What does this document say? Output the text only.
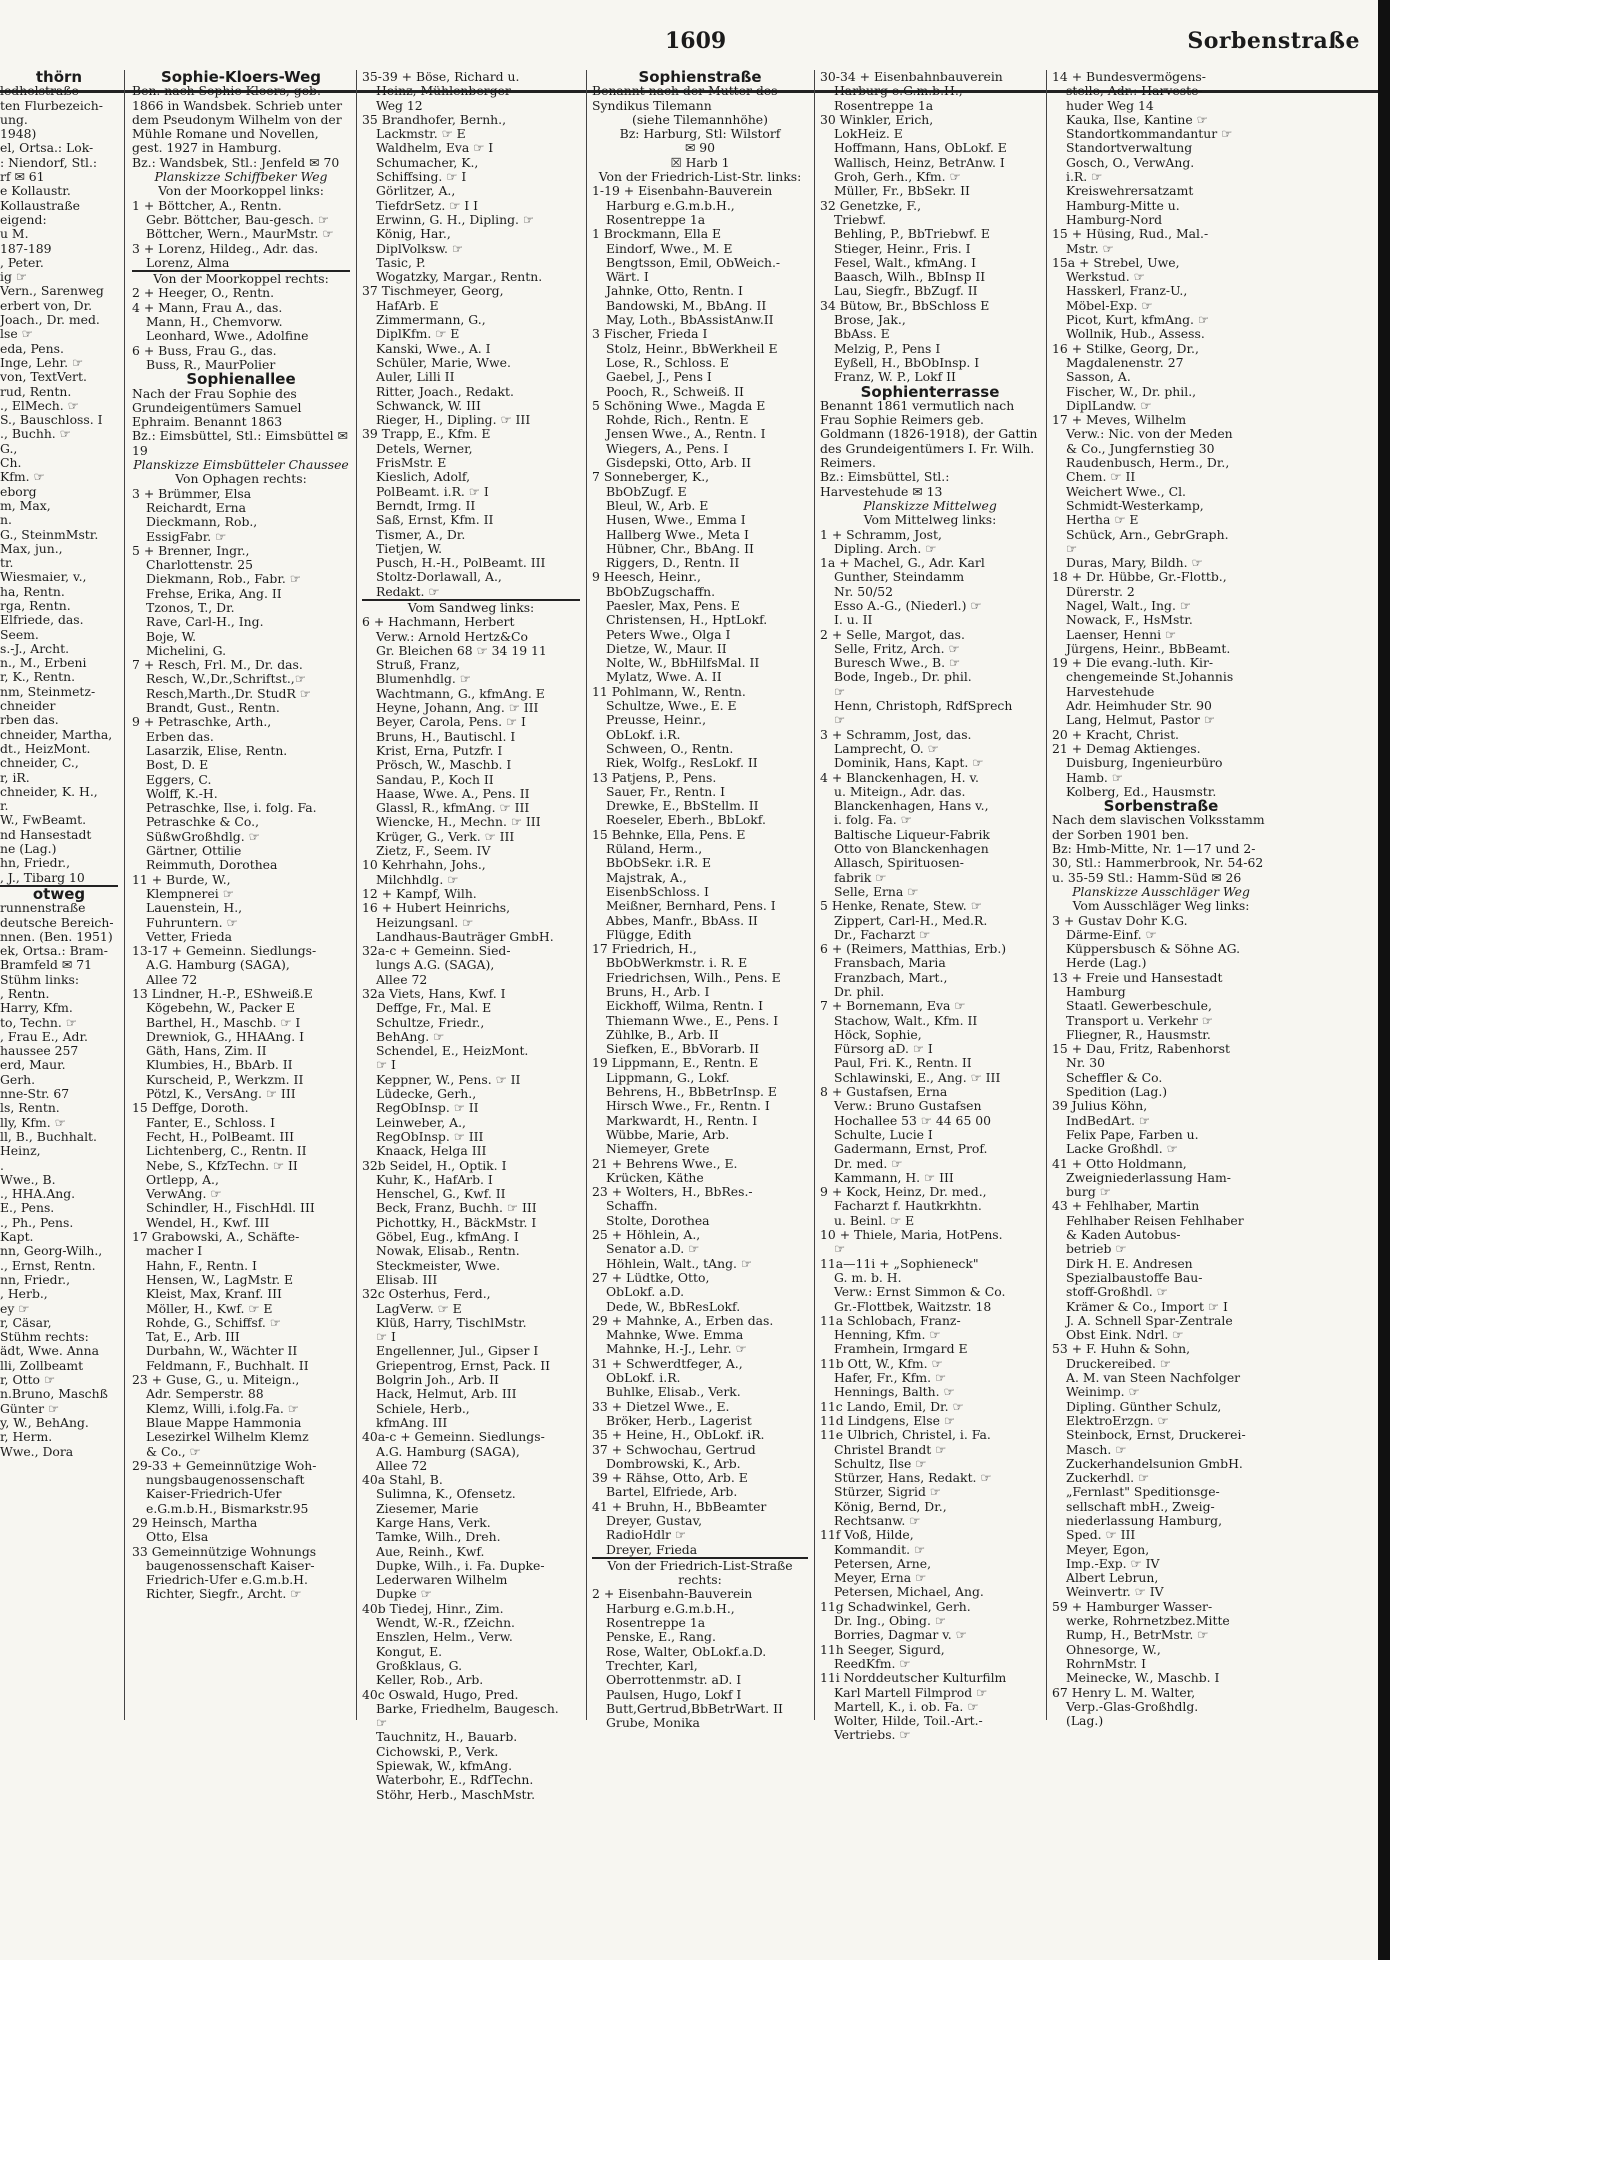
1609	Sorbenstraße

thörn

ledholstraße

ten Flurbezeich-

ung.

1948)

el, Ortsa.: Lok-

: Niendorf, Stl.:

rf ✉ 61

e Kollaustr.

Kollaustraße

eigend:

u M.

187-189

, Peter.

ig ☞

Vern., Sarenweg

erbert von, Dr.

Joach., Dr. med.

lse ☞

eda, Pens.

Inge, Lehr. ☞

von, TextVert.

rud, Rentn.

., ElMech. ☞

S., Bauschloss. I

., Buchh. ☞

G.,

Ch.

Kfm. ☞

eborg

m, Max,

n.

G., SteinmMstr.

Max, jun.,

tr.

Wiesmaier, v.,

ha, Rentn.

rga, Rentn.

Elfriede, das.

Seem.

s.-J., Archt.

n., M., Erbeni

r, K., Rentn.

nm, Steinmetz-

chneider

rben das.

chneider, Martha,

dt., HeizMont.

chneider, C.,

r, iR.

chneider, K. H.,

r.

W., FwBeamt.

nd Hansestadt

ne (Lag.)

hn, Friedr.,

, J., Tibarg 10

otweg

runnenstraße

deutsche Bereich-

nnen. (Ben. 1951)

ek, Ortsa.: Bram-

Bramfeld ✉ 71

Stühm links:

, Rentn.

Harry, Kfm.

to, Techn. ☞

, Frau E., Adr.

haussee 257

erd, Maur.

Gerh.

nne-Str. 67

ls, Rentn.

lly, Kfm. ☞

ll, B., Buchhalt.

Heinz,

.

Wwe., B.

., HHA.Ang.

E., Pens.

., Ph., Pens.

Kapt.

nn, Georg-Wilh.,

., Ernst, Rentn.

nn, Friedr.,

, Herb.,

ey ☞

r, Cäsar,

Stühm rechts:

ädt, Wwe. Anna

lli, Zollbeamt

r, Otto ☞

n.Bruno, Maschß

Günter ☞

y, W., BehAng.

r, Herm.

Wwe., Dora

Sophie-Kloers-Weg

Ben. nach Sophie Kloers, geb. 1866 in Wandsbek. Schrieb unter dem Pseudonym Wilhelm von der Mühle Romane und Novellen, gest. 1927 in Hamburg.

Bz.: Wandsbek, Stl.: Jenfeld ✉ 70

Planskizze Schiffbeker Weg

Von der Moorkoppel links:

1 + Böttcher, A., Rentn.

Gebr. Böttcher, Bau-gesch. ☞

Böttcher, Wern., MaurMstr. ☞

3 + Lorenz, Hildeg., Adr. das.

Lorenz, Alma

Von der Moorkoppel rechts:

2 + Heeger, O., Rentn.

4 + Mann, Frau A., das.

Mann, H., Chemvorw.

Leonhard, Wwe., Adolfine

6 + Buss, Frau G., das.

Buss, R., MaurPolier

Sophienallee

Nach der Frau Sophie des Grundeigentümers Samuel Ephraim. Benannt 1863

Bz.: Eimsbüttel, Stl.: Eimsbüttel ✉ 19

Planskizze Eimsbütteler Chaussee

Von Ophagen rechts:

3 + Brümmer, Elsa

Reichardt, Erna

Dieckmann, Rob.,

EssigFabr. ☞

5 + Brenner, Ingr.,

Charlottenstr. 25

Diekmann, Rob., Fabr. ☞

Frehse, Erika, Ang. II

Tzonos, T., Dr.

Rave, Carl-H., Ing.

Boje, W.

Michelini, G.

7 + Resch, Frl. M., Dr. das.

Resch, W.,Dr.,Schriftst.,☞

Resch,Marth.,Dr. StudR ☞

Brandt, Gust., Rentn.

9 + Petraschke, Arth.,

Erben das.

Lasarzik, Elise, Rentn.

Bost, D. E

Eggers, C.

Wolff, K.-H.

Petraschke, Ilse, i. folg. Fa.

Petraschke & Co.,

SüßwGroßhdlg. ☞

Gärtner, Ottilie

Reimmuth, Dorothea

11 + Burde, W.,

Klempnerei ☞

Lauenstein, H.,

Fuhruntern. ☞

Vetter, Frieda

13-17 + Gemeinn. Siedlungs-

A.G. Hamburg (SAGA),

Allee 72

13 Lindner, H.-P., EShweiß.E

Kögebehn, W., Packer E

Barthel, H., Maschb. ☞ I

Drewniok, G., HHAAng. I

Gäth, Hans, Zim. II

Klumbies, H., BbArb. II

Kurscheid, P., Werkzm. II

Pötzl, K., VersAng. ☞ III

15 Deffge, Doroth.

Fanter, E., Schloss. I

Fecht, H., PolBeamt. III

Lichtenberg, C., Rentn. II

Nebe, S., KfzTechn. ☞ II

Ortlepp, A.,

VerwAng. ☞

Schindler, H., FischHdl. III

Wendel, H., Kwf. III

17 Grabowski, A., Schäfte-

macher I

Hahn, F., Rentn. I

Hensen, W., LagMstr. E

Kleist, Max, Kranf. III

Möller, H., Kwf. ☞ E

Rohde, G., Schiffsf. ☞

Tat, E., Arb. III

Durbahn, W., Wächter II

Feldmann, F., Buchhalt. II

23 + Guse, G., u. Miteign.,

Adr. Semperstr. 88

Klemz, Willi, i.folg.Fa. ☞

Blaue Mappe Hammonia

Lesezirkel Wilhelm Klemz

& Co., ☞

29-33 + Gemeinnützige Woh-

nungsbaugenossenschaft

Kaiser-Friedrich-Ufer

e.G.m.b.H., Bismarkstr.95

29 Heinsch, Martha

Otto, Elsa

33 Gemeinnützige Wohnungs

baugenossenschaft Kaiser-

Friedrich-Ufer e.G.m.b.H.

Richter, Siegfr., Archt. ☞

35-39 + Böse, Richard u.

Heinz, Mühlenberger

Weg 12

35 Brandhofer, Bernh.,

Lackmstr. ☞ E

Waldhelm, Eva ☞ I

Schumacher, K.,

Schiffsing. ☞ I

Görlitzer, A.,

TiefdrSetz. ☞ I I

Erwinn, G. H., Dipling. ☞

König, Har.,

DiplVolksw. ☞

Tasic, P.

Wogatzky, Margar., Rentn.

37 Tischmeyer, Georg,

HafArb. E

Zimmermann, G.,

DiplKfm. ☞ E

Kanski, Wwe., A. I

Schüler, Marie, Wwe.

Auler, Lilli II

Ritter, Joach., Redakt.

Schwanck, W. III

Rieger, H., Dipling. ☞ III

39 Trapp, E., Kfm. E

Detels, Werner,

FrisMstr. E

Kieslich, Adolf,

PolBeamt. i.R. ☞ I

Berndt, Irmg. II

Saß, Ernst, Kfm. II

Tismer, A., Dr.

Tietjen, W.

Pusch, H.-H., PolBeamt. III

Stoltz-Dorlawall, A.,

Redakt. ☞

Vom Sandweg links:

6 + Hachmann, Herbert

Verw.: Arnold Hertz&Co

Gr. Bleichen 68 ☞ 34 19 11

Struß, Franz,

Blumenhdlg. ☞

Wachtmann, G., kfmAng. E

Heyne, Johann, Ang. ☞ III

Beyer, Carola, Pens. ☞ I

Bruns, H., Bautischl. I

Krist, Erna, Putzfr. I

Prösch, W., Maschb. I

Sandau, P., Koch II

Haase, Wwe. A., Pens. II

Glassl, R., kfmAng. ☞ III

Wiencke, H., Mechn. ☞ III

Krüger, G., Verk. ☞ III

Zietz, F., Seem. IV

10 Kehrhahn, Johs.,

Milchhdlg. ☞

12 + Kampf, Wilh.

16 + Hubert Heinrichs,

Heizungsanl. ☞

Landhaus-Bauträger GmbH.

32a-c + Gemeinn. Sied-

lungs A.G. (SAGA),

Allee 72

32a Viets, Hans, Kwf. I

Deffge, Fr., Mal. E

Schultze, Friedr.,

BehAng. ☞

Schendel, E., HeizMont.

☞ I

Keppner, W., Pens. ☞ II

Lüdecke, Gerh.,

RegObInsp. ☞ II

Leinweber, A.,

RegObInsp. ☞ III

Knaack, Helga III

32b Seidel, H., Optik. I

Kuhr, K., HafArb. I

Henschel, G., Kwf. II

Beck, Franz, Buchh. ☞ III

Pichottky, H., BäckMstr. I

Göbel, Eug., kfmAng. I

Nowak, Elisab., Rentn.

Steckmeister, Wwe.

Elisab. III

32c Osterhus, Ferd.,

LagVerw. ☞ E

Klüß, Harry, TischlMstr.

☞ I

Engellenner, Jul., Gipser I

Griepentrog, Ernst, Pack. II

Bolgrin Joh., Arb. II

Hack, Helmut, Arb. III

Schiele, Herb.,

kfmAng. III

40a-c + Gemeinn. Siedlungs-

A.G. Hamburg (SAGA),

Allee 72

40a Stahl, B.

Sulimna, K., Ofensetz.

Ziesemer, Marie

Karge Hans, Verk.

Tamke, Wilh., Dreh.

Aue, Reinh., Kwf.

Dupke, Wilh., i. Fa. Dupke-

Lederwaren Wilhelm

Dupke ☞

40b Tiedej, Hinr., Zim.

Wendt, W.-R., fZeichn.

Enszlen, Helm., Verw.

Kongut, E.

Großklaus, G.

Keller, Rob., Arb.

40c Oswald, Hugo, Pred.

Barke, Friedhelm, Baugesch.

☞

Tauchnitz, H., Bauarb.

Cichowski, P., Verk.

Spiewak, W., kfmAng.

Waterbohr, E., RdfTechn.

Stöhr, Herb., MaschMstr.

Sophienstraße

Benannt nach der Mutter des Syndikus Tilemann

(siehe Tilemannhöhe)

Bz: Harburg, Stl: Wilstorf

✉ 90

☒ Harb 1

Von der Friedrich-List-Str. links:

1-19 + Eisenbahn-Bauverein

Harburg e.G.m.b.H.,

Rosentreppe 1a

1 Brockmann, Ella E

Eindorf, Wwe., M. E

Bengtsson, Emil, ObWeich.-

Wärt. I

Jahnke, Otto, Rentn. I

Bandowski, M., BbAng. II

May, Loth., BbAssistAnw.II

3 Fischer, Frieda I

Stolz, Heinr., BbWerkheil E

Lose, R., Schloss. E

Gaebel, J., Pens I

Pooch, R., Schweiß. II

5 Schöning Wwe., Magda E

Rohde, Rich., Rentn. E

Jensen Wwe., A., Rentn. I

Wiegers, A., Pens. I

Gisdepski, Otto, Arb. II

7 Sonneberger, K.,

BbObZugf. E

Bleul, W., Arb. E

Husen, Wwe., Emma I

Hallberg Wwe., Meta I

Hübner, Chr., BbAng. II

Riggers, D., Rentn. II

9 Heesch, Heinr.,

BbObZugschaffn.

Paesler, Max, Pens. E

Christensen, H., HptLokf.

Peters Wwe., Olga I

Dietze, W., Maur. II

Nolte, W., BbHilfsMal. II

Mylatz, Wwe. A. II

11 Pohlmann, W., Rentn.

Schultze, Wwe., E. E

Preusse, Heinr.,

ObLokf. i.R.

Schween, O., Rentn.

Riek, Wolfg., ResLokf. II

13 Patjens, P., Pens.

Sauer, Fr., Rentn. I

Drewke, E., BbStellm. II

Roeseler, Eberh., BbLokf.

15 Behnke, Ella, Pens. E

Rüland, Herm.,

BbObSekr. i.R. E

Majstrak, A.,

EisenbSchloss. I

Meißner, Bernhard, Pens. I

Abbes, Manfr., BbAss. II

Flügge, Edith

17 Friedrich, H.,

BbObWerkmstr. i. R. E

Friedrichsen, Wilh., Pens. E

Bruns, H., Arb. I

Eickhoff, Wilma, Rentn. I

Thiemann Wwe., E., Pens. I

Zühlke, B., Arb. II

Siefken, E., BbVorarb. II

19 Lippmann, E., Rentn. E

Lippmann, G., Lokf.

Behrens, H., BbBetrInsp. E

Hirsch Wwe., Fr., Rentn. I

Markwardt, H., Rentn. I

Wübbe, Marie, Arb.

Niemeyer, Grete

21 + Behrens Wwe., E.

Krücken, Käthe

23 + Wolters, H., BbRes.-

Schaffn.

Stolte, Dorothea

25 + Höhlein, A.,

Senator a.D. ☞

Höhlein, Walt., tAng. ☞

27 + Lüdtke, Otto,

ObLokf. a.D.

Dede, W., BbResLokf.

29 + Mahnke, A., Erben das.

Mahnke, Wwe. Emma

Mahnke, H.-J., Lehr. ☞

31 + Schwerdtfeger, A.,

ObLokf. i.R.

Buhlke, Elisab., Verk.

33 + Dietzel Wwe., E.

Bröker, Herb., Lagerist

35 + Heine, H., ObLokf. iR.

37 + Schwochau, Gertrud

Dombrowski, K., Arb.

39 + Rähse, Otto, Arb. E

Bartel, Elfriede, Arb.

41 + Bruhn, H., BbBeamter

Dreyer, Gustav,

RadioHdlr ☞

Dreyer, Frieda

Von der Friedrich-List-Straße rechts:

2 + Eisenbahn-Bauverein

Harburg e.G.m.b.H.,

Rosentreppe 1a

Penske, E., Rang.

Rose, Walter, ObLokf.a.D.

Trechter, Karl,

Oberrottenmstr. aD. I

Paulsen, Hugo, Lokf I

Butt,Gertrud,BbBetrWart. II

Grube, Monika

30-34 + Eisenbahnbauverein

Harburg e.G.m.b.H.,

Rosentreppe 1a

30 Winkler, Erich,

LokHeiz. E

Hoffmann, Hans, ObLokf. E

Wallisch, Heinz, BetrAnw. I

Groh, Gerh., Kfm. ☞

Müller, Fr., BbSekr. II

32 Genetzke, F.,

Triebwf.

Behling, P., BbTriebwf. E

Stieger, Heinr., Fris. I

Fesel, Walt., kfmAng. I

Baasch, Wilh., BbInsp II

Lau, Siegfr., BbZugf. II

34 Bütow, Br., BbSchloss E

Brose, Jak.,

BbAss. E

Melzig, P., Pens I

Eyßell, H., BbObInsp. I

Franz, W. P., Lokf II

Sophienterrasse

Benannt 1861 vermutlich nach Frau Sophie Reimers geb. Goldmann (1826-1918), der Gattin des Grundeigentümers I. Fr. Wilh. Reimers.

Bz.: Eimsbüttel, Stl.: Harvestehude ✉ 13

Planskizze Mittelweg

Vom Mittelweg links:

1 + Schramm, Jost,

Dipling. Arch. ☞

1a + Machel, G., Adr. Karl

Gunther, Steindamm

Nr. 50/52

Esso A.-G., (Niederl.) ☞

I. u. II

2 + Selle, Margot, das.

Selle, Fritz, Arch. ☞

Buresch Wwe., B. ☞

Bode, Ingeb., Dr. phil.

☞

Henn, Christoph, RdfSprech

☞

3 + Schramm, Jost, das.

Lamprecht, O. ☞

Dominik, Hans, Kapt. ☞

4 + Blanckenhagen, H. v.

u. Miteign., Adr. das.

Blanckenhagen, Hans v.,

i. folg. Fa. ☞

Baltische Liqueur-Fabrik

Otto von Blanckenhagen

Allasch, Spirituosen-

fabrik ☞

Selle, Erna ☞

5 Henke, Renate, Stew. ☞

Zippert, Carl-H., Med.R.

Dr., Facharzt ☞

6 + (Reimers, Matthias, Erb.)

Fransbach, Maria

Franzbach, Mart.,

Dr. phil.

7 + Bornemann, Eva ☞

Stachow, Walt., Kfm. II

Höck, Sophie,

Fürsorg aD. ☞ I

Paul, Fri. K., Rentn. II

Schlawinski, E., Ang. ☞ III

8 + Gustafsen, Erna

Verw.: Bruno Gustafsen

Hochallee 53 ☞ 44 65 00

Schulte, Lucie I

Gadermann, Ernst, Prof.

Dr. med. ☞

Kammann, H. ☞ III

9 + Kock, Heinz, Dr. med.,

Facharzt f. Hautkrkhtn.

u. Beinl. ☞ E

10 + Thiele, Maria, HotPens.

☞

11a—11i + „Sophieneck"

G. m. b. H.

Verw.: Ernst Simmon & Co.

Gr.-Flottbek, Waitzstr. 18

11a Schlobach, Franz-

Henning, Kfm. ☞

Framhein, Irmgard E

11b Ott, W., Kfm. ☞

Hafer, Fr., Kfm. ☞

Hennings, Balth. ☞

11c Lando, Emil, Dr. ☞

11d Lindgens, Else ☞

11e Ulbrich, Christel, i. Fa.

Christel Brandt ☞

Schultz, Ilse ☞

Stürzer, Hans, Redakt. ☞

Stürzer, Sigrid ☞

König, Bernd, Dr.,

Rechtsanw. ☞

11f Voß, Hilde,

Kommandit. ☞

Petersen, Arne,

Meyer, Erna ☞

Petersen, Michael, Ang.

11g Schadwinkel, Gerh.

Dr. Ing., Obing. ☞

Borries, Dagmar v. ☞

11h Seeger, Sigurd,

ReedKfm. ☞

11i Norddeutscher Kulturfilm

Karl Martell Filmprod ☞

Martell, K., i. ob. Fa. ☞

Wolter, Hilde, Toil.-Art.-

Vertriebs. ☞

14 + Bundesvermögens-

stelle, Adr.: Harveste-

huder Weg 14

Kauka, Ilse, Kantine ☞

Standortkommandantur ☞

Standortverwaltung

Gosch, O., VerwAng.

i.R. ☞

Kreiswehrersatzamt

Hamburg-Mitte u.

Hamburg-Nord

15 + Hüsing, Rud., Mal.-

Mstr. ☞

15a + Strebel, Uwe,

Werkstud. ☞

Hasskerl, Franz-U.,

Möbel-Exp. ☞

Picot, Kurt, kfmAng. ☞

Wollnik, Hub., Assess.

16 + Stilke, Georg, Dr.,

Magdalenenstr. 27

Sasson, A.

Fischer, W., Dr. phil.,

DiplLandw. ☞

17 + Meves, Wilhelm

Verw.: Nic. von der Meden

& Co., Jungfernstieg 30

Raudenbusch, Herm., Dr.,

Chem. ☞ II

Weichert Wwe., Cl.

Schmidt-Westerkamp,

Hertha ☞ E

Schück, Arn., GebrGraph.

☞

Duras, Mary, Bildh. ☞

18 + Dr. Hübbe, Gr.-Flottb.,

Dürerstr. 2

Nagel, Walt., Ing. ☞

Nowack, F., HsMstr.

Laenser, Henni ☞

Jürgens, Heinr., BbBeamt.

19 + Die evang.-luth. Kir-

chengemeinde St.Johannis

Harvestehude

Adr. Heimhuder Str. 90

Lang, Helmut, Pastor ☞

20 + Kracht, Christ.

21 + Demag Aktienges.

Duisburg, Ingenieurbüro

Hamb. ☞

Kolberg, Ed., Hausmstr.

Sorbenstraße

Nach dem slavischen Volksstamm der Sorben 1901 ben.

Bz: Hmb-Mitte, Nr. 1—17 und 2-30, Stl.: Hammerbrook, Nr. 54-62 u. 35-59 Stl.: Hamm-Süd ✉ 26

Planskizze Ausschläger Weg

Vom Ausschläger Weg links:

3 + Gustav Dohr K.G.

Därme-Einf. ☞

Küppersbusch & Söhne AG.

Herde (Lag.)

13 + Freie und Hansestadt

Hamburg

Staatl. Gewerbeschule,

Transport u. Verkehr ☞

Fliegner, R., Hausmstr.

15 + Dau, Fritz, Rabenhorst

Nr. 30

Scheffler & Co.

Spedition (Lag.)

39 Julius Köhn,

IndBedArt. ☞

Felix Pape, Farben u.

Lacke Großhdl. ☞

41 + Otto Holdmann,

Zweigniederlassung Ham-

burg ☞

43 + Fehlhaber, Martin

Fehlhaber Reisen Fehlhaber

& Kaden Autobus-

betrieb ☞

Dirk H. E. Andresen

Spezialbaustoffe Bau-

stoff-Großhdl. ☞

Krämer & Co., Import ☞ I

J. A. Schnell Spar-Zentrale

Obst Eink. Ndrl. ☞

53 + F. Huhn & Sohn,

Druckereibed. ☞

A. M. van Steen Nachfolger

Weinimp. ☞

Dipling. Günther Schulz,

ElektroErzgn. ☞

Steinbock, Ernst, Druckerei-

Masch. ☞

Zuckerhandelsunion GmbH.

Zuckerhdl. ☞

„Fernlast" Speditionsge-

sellschaft mbH., Zweig-

niederlassung Hamburg,

Sped. ☞ III

Meyer, Egon,

Imp.-Exp. ☞ IV

Albert Lebrun,

Weinvertr. ☞ IV

59 + Hamburger Wasser-

werke, Rohrnetzbez.Mitte

Rump, H., BetrMstr. ☞

Ohnesorge, W.,

RohrnMstr. I

Meinecke, W., Maschb. I

67 Henry L. M. Walter,

Verp.-Glas-Großhdlg.

(Lag.)
